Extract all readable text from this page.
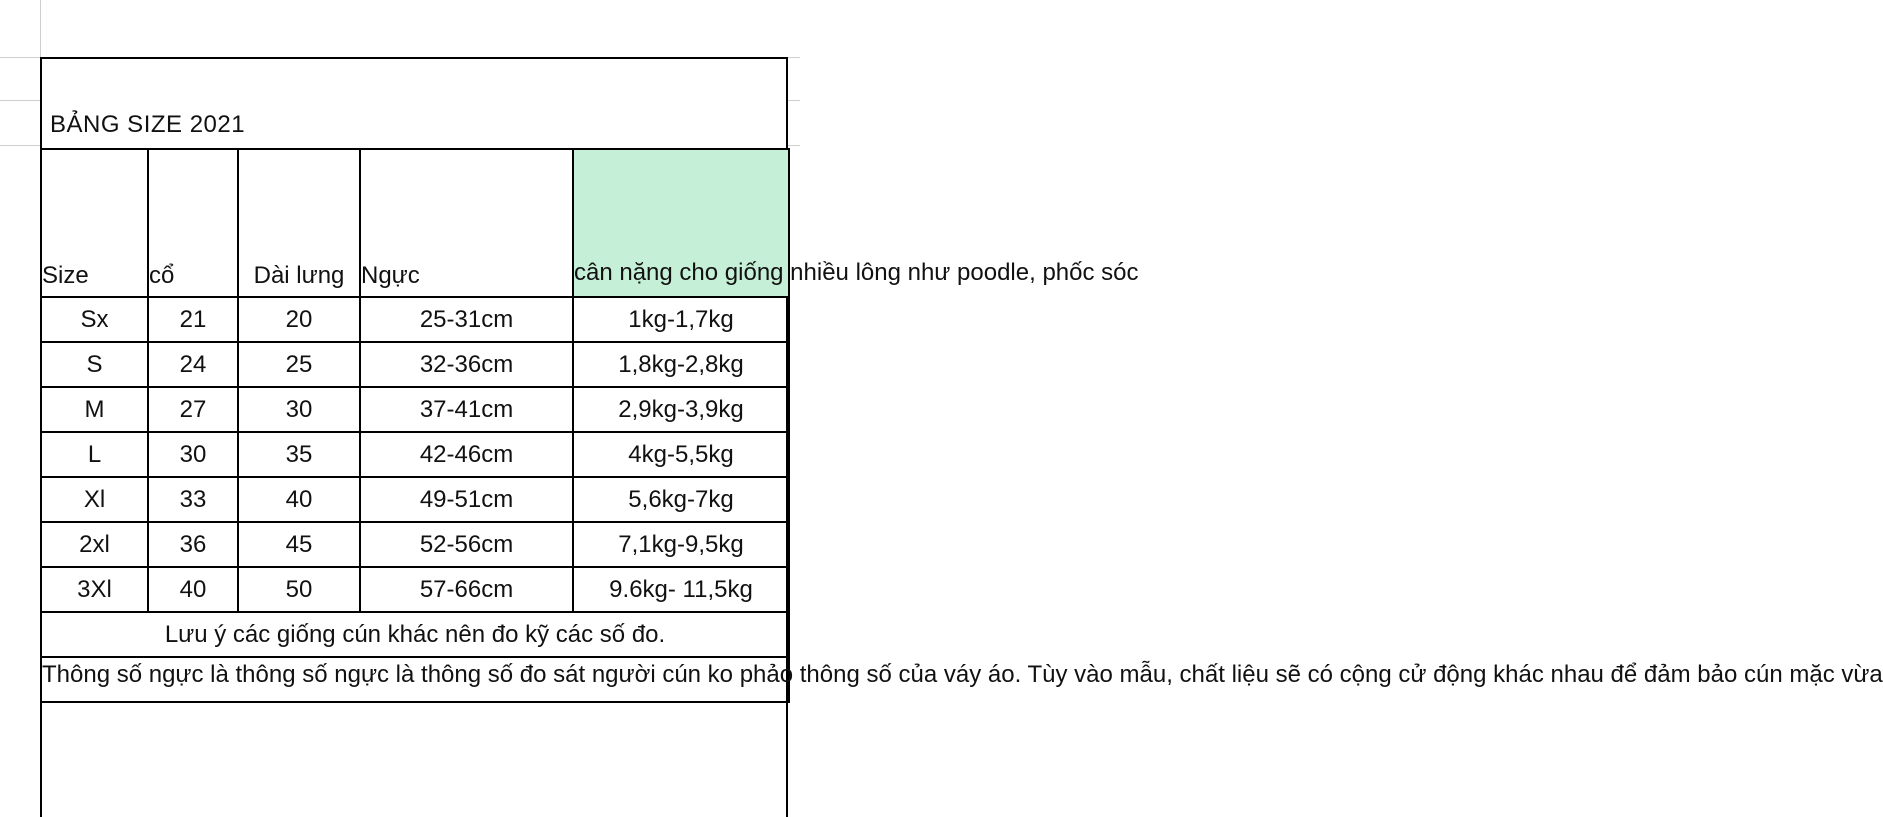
BẢNG SIZE 2021
Size	cổ	Dài lưng	Ngực	cân nặng cho giống nhiều lông như poodle, phốc sóc
Sx	21	20	25-31cm	1kg-1,7kg
S	24	25	32-36cm	1,8kg-2,8kg
M	27	30	37-41cm	2,9kg-3,9kg
L	30	35	42-46cm	4kg-5,5kg
Xl	33	40	49-51cm	5,6kg-7kg
2xl	36	45	52-56cm	7,1kg-9,5kg
3Xl	40	50	57-66cm	9.6kg- 11,5kg
Lưu ý các giống cún khác nên đo kỹ các số đo.				
Thông số ngực là thông số ngực là thông số đo sát người cún ko phảo thông số của váy áo. Tùy vào mẫu, chất liệu sẽ có cộng cử động khác nhau để đảm bảo cún mặc vừa				
